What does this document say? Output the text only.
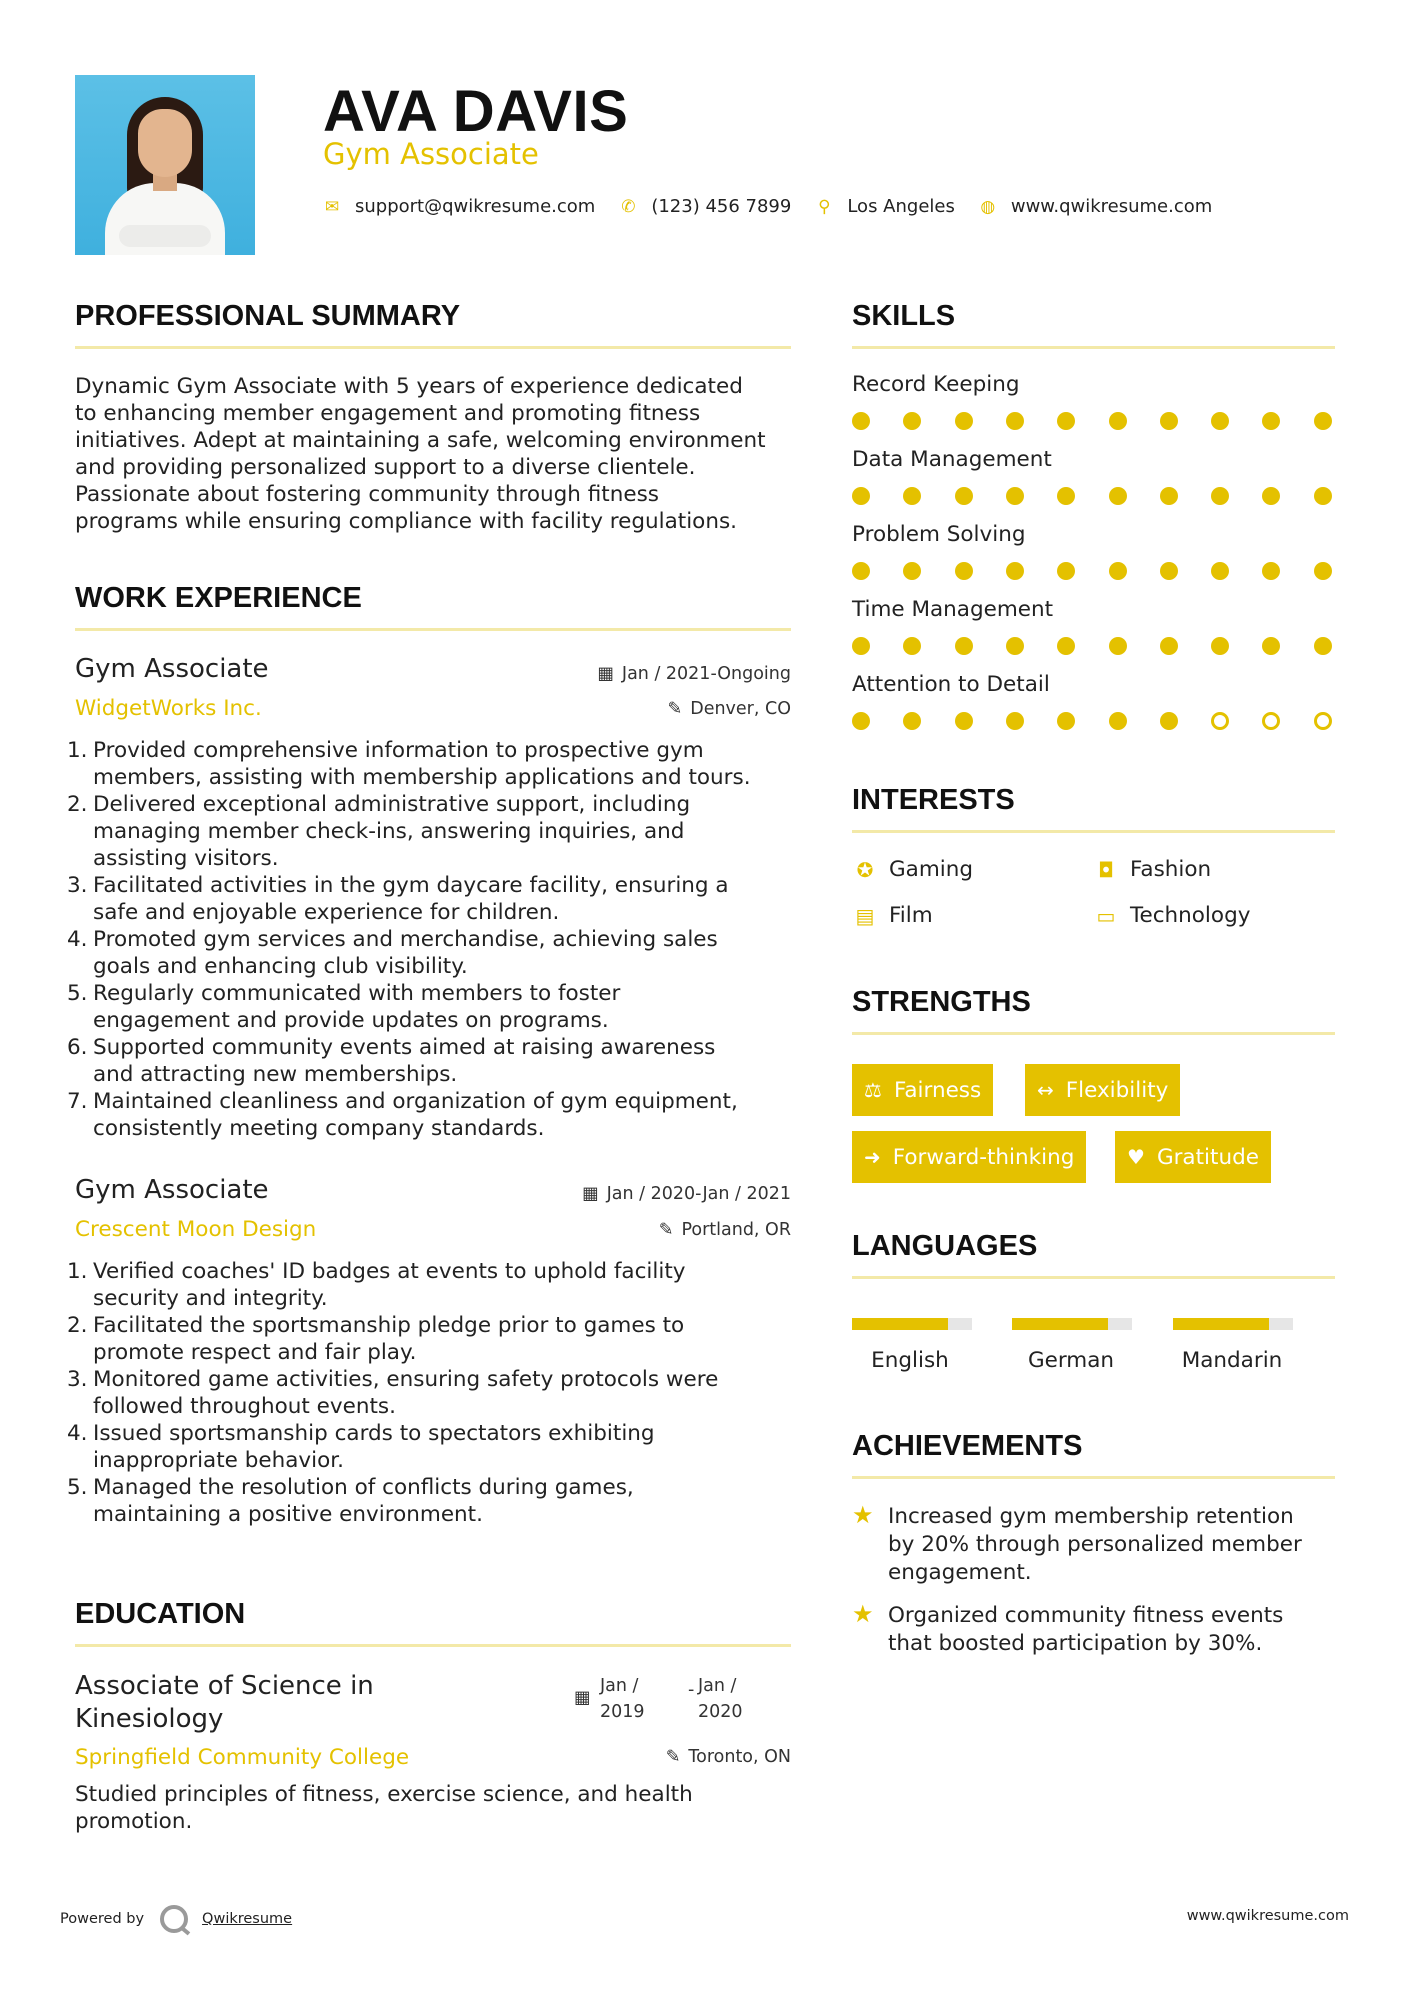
AVA DAVIS
Gym Associate
✉ support@qwikresume.com ✆ (123) 456 7899 ⚲ Los Angeles ◍ www.qwikresume.com
PROFESSIONAL SUMMARY
Dynamic Gym Associate with 5 years of experience dedicated
to enhancing member engagement and promoting fitness
initiatives. Adept at maintaining a safe, welcoming environment
and providing personalized support to a diverse clientele.
Passionate about fostering community through fitness
programs while ensuring compliance with facility regulations.
WORK EXPERIENCE
Gym Associate	▦ Jan / 2021-Ongoing
WidgetWorks Inc.	✎ Denver, CO
1. Provided comprehensive information to prospective gym
members, assisting with membership applications and tours.
2. Delivered exceptional administrative support, including
managing member check-ins, answering inquiries, and
assisting visitors.
3. Facilitated activities in the gym daycare facility, ensuring a
safe and enjoyable experience for children.
4. Promoted gym services and merchandise, achieving sales
goals and enhancing club visibility.
5. Regularly communicated with members to foster
engagement and provide updates on programs.
6. Supported community events aimed at raising awareness
and attracting new memberships.
7. Maintained cleanliness and organization of gym equipment,
consistently meeting company standards.
Gym Associate	▦ Jan / 2020-Jan / 2021
Crescent Moon Design	✎ Portland, OR
1. Verified coaches' ID badges at events to uphold facility
security and integrity.
2. Facilitated the sportsmanship pledge prior to games to
promote respect and fair play.
3. Monitored game activities, ensuring safety protocols were
followed throughout events.
4. Issued sportsmanship cards to spectators exhibiting
inappropriate behavior.
5. Managed the resolution of conflicts during games,
maintaining a positive environment.
EDUCATION
Associate of Science in
Kinesiology
▦
Jan /
2019
- Jan /
2020
Springfield Community College	✎ Toronto, ON
Studied principles of fitness, exercise science, and health
promotion.
SKILLS
Record Keeping
Data Management
Problem Solving
Time Management
Attention to Detail
INTERESTS
✪ Gaming	◘ Fashion
▤ Film	▭ Technology
STRENGTHS
⚖ Fairness	↔ Flexibility
➜ Forward-thinking	♥ Gratitude
LANGUAGES
English	German	Mandarin
ACHIEVEMENTS
★ Increased gym membership retention
by 20% through personalized member
engagement.
★ Organized community fitness events
that boosted participation by 30%.
Powered by	Qwikresume	www.qwikresume.com
